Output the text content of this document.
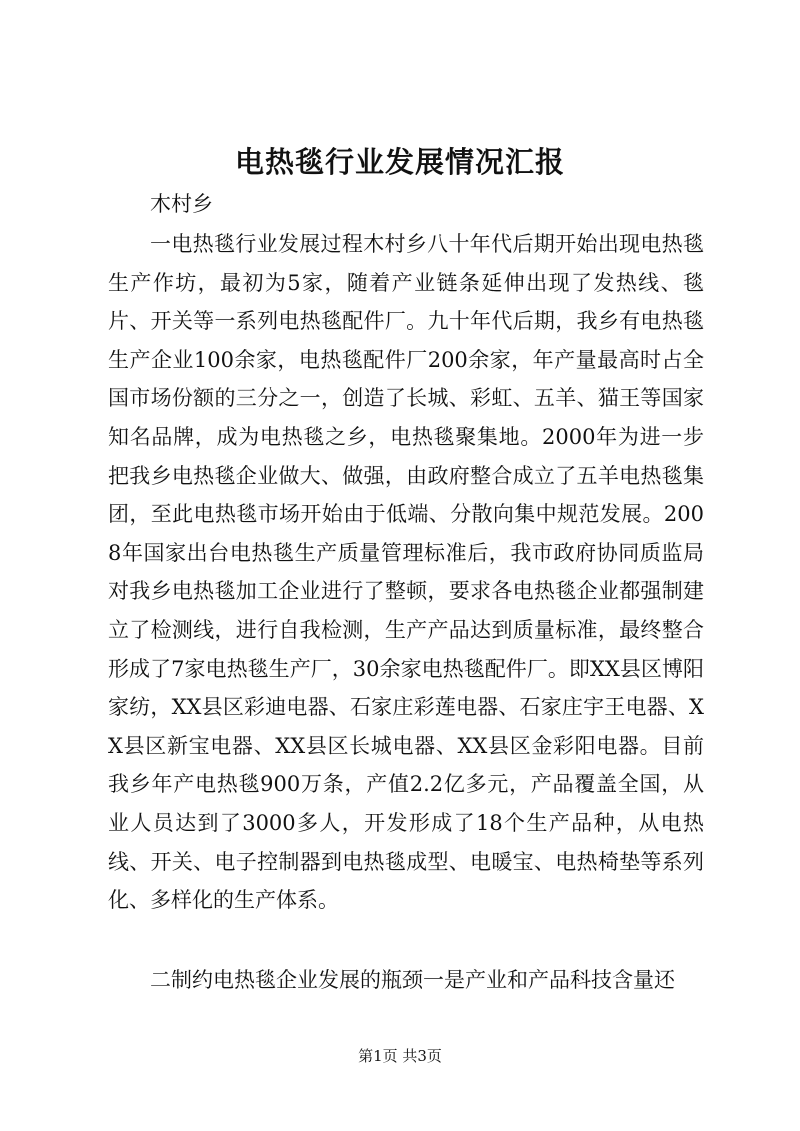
电热毯行业发展情况汇报
木村乡

一电热毯行业发展过程木村乡八十年代后期开始出现电热毯生产作坊，最初为5家，随着产业链条延伸出现了发热线、毯片、开关等一系列电热毯配件厂。九十年代后期，我乡有电热毯生产企业100余家，电热毯配件厂200余家，年产量最高时占全国市场份额的三分之一，创造了长城、彩虹、五羊、猫王等国家知名品牌，成为电热毯之乡，电热毯聚集地。2000年为进一步把我乡电热毯企业做大、做强，由政府整合成立了五羊电热毯集团，至此电热毯市场开始由于低端、分散向集中规范发展。2008年国家出台电热毯生产质量管理标准后，我市政府协同质监局对我乡电热毯加工企业进行了整顿，要求各电热毯企业都强制建立了检测线，进行自我检测，生产产品达到质量标准，最终整合形成了7家电热毯生产厂，30余家电热毯配件厂。即XX县区博阳家纺，XX县区彩迪电器、石家庄彩莲电器、石家庄宇王电器、XX县区新宝电器、XX县区长城电器、XX县区金彩阳电器。目前我乡年产电热毯900万条，产值2.2亿多元，产品覆盖全国，从业人员达到了3000多人，开发形成了18个生产品种，从电热线、开关、电子控制器到电热毯成型、电暖宝、电热椅垫等系列化、多样化的生产体系。

二制约电热毯企业发展的瓶颈一是产业和产品科技含量还

第1页 共3页
